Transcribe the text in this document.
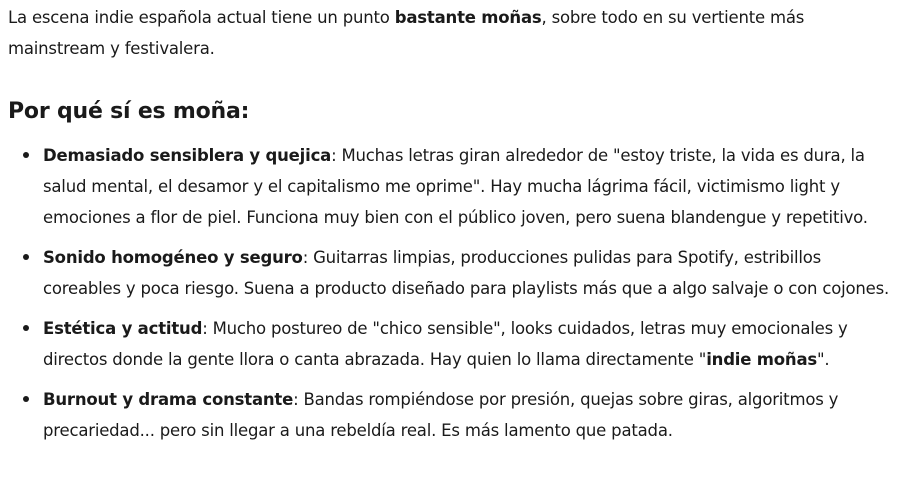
La escena indie española actual tiene un punto bastante moñas, sobre todo en su vertiente más mainstream y festivalera.

Por qué sí es moña:
Demasiado sensiblera y quejica: Muchas letras giran alrededor de "estoy triste, la vida es dura, la salud mental, el desamor y el capitalismo me oprime". Hay mucha lágrima fácil, victimismo light y emociones a flor de piel. Funciona muy bien con el público joven, pero suena blandengue y repetitivo.
Sonido homogéneo y seguro: Guitarras limpias, producciones pulidas para Spotify, estribillos coreables y poca riesgo. Suena a producto diseñado para playlists más que a algo salvaje o con cojones.
Estética y actitud: Mucho postureo de "chico sensible", looks cuidados, letras muy emocionales y directos donde la gente llora o canta abrazada. Hay quien lo llama directamente "indie moñas".
Burnout y drama constante: Bandas rompiéndose por presión, quejas sobre giras, algoritmos y precariedad... pero sin llegar a una rebeldía real. Es más lamento que patada.
